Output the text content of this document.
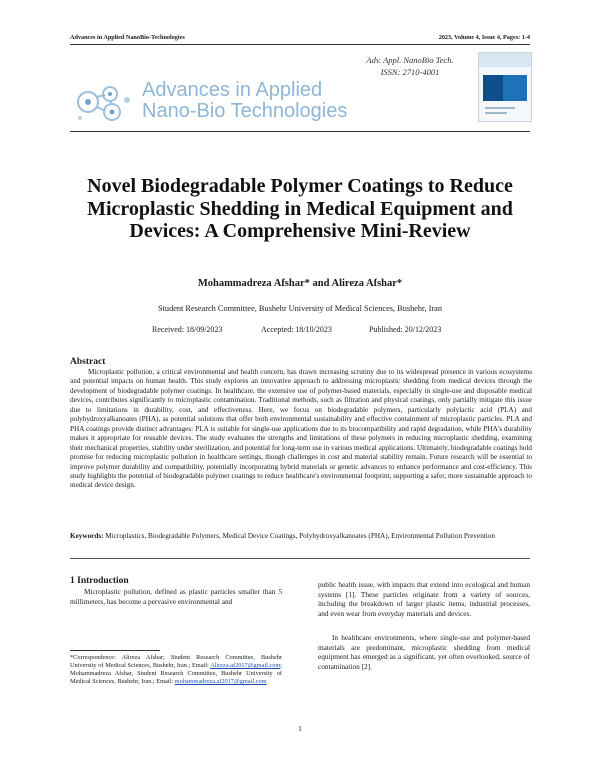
Advances in Applied NanoBio-Technologies	2023, Volume 4, Issue 4, Pages: 1-4
Adv. Appl. NanoBio Tech.
ISSN: 2710-4001
Advances in Applied
Nano-Bio Technologies
Novel Biodegradable Polymer Coatings to Reduce Microplastic Shedding in Medical Equipment and Devices: A Comprehensive Mini-Review
Mohammadreza Afshar* and Alireza Afshar*
Student Research Committee, Bushehr University of Medical Sciences, Bushehr, Iran
Received: 18/09/2023	Accepted: 18/10/2023	Published: 20/12/2023
Abstract
Microplastic pollution, a critical environmental and health concern, has drawn increasing scrutiny due to its widespread presence in various ecosystems and potential impacts on human health. This study explores an innovative approach to addressing microplastic shedding from medical devices through the development of biodegradable polymer coatings. In healthcare, the extensive use of polymer-based materials, especially in single-use and disposable medical devices, contributes significantly to microplastic contamination. Traditional methods, such as filtration and physical coatings, only partially mitigate this issue due to limitations in durability, cost, and effectiveness. Here, we focus on biodegradable polymers, particularly polylactic acid (PLA) and polyhydroxyalkanoates (PHA), as potential solutions that offer both environmental sustainability and effective containment of microplastic particles. PLA and PHA coatings provide distinct advantages: PLA is suitable for single-use applications due to its biocompatibility and rapid degradation, while PHA's durability makes it appropriate for reusable devices. The study evaluates the strengths and limitations of these polymers in reducing microplastic shedding, examining their mechanical properties, stability under sterilization, and potential for long-term use in various medical applications. Ultimately, biodegradable coatings hold promise for reducing microplastic pollution in healthcare settings, though challenges in cost and material stability remain. Future research will be essential to improve polymer durability and compatibility, potentially incorporating hybrid materials or genetic advances to enhance performance and cost-efficiency. This study highlights the potential of biodegradable polymer coatings to reduce healthcare's environmental footprint, supporting a safer, more sustainable approach to medical device design.
Keywords: Microplastics, Biodegradable Polymers, Medical Device Coatings, Polyhydroxyalkanoates (PHA), Environmental Pollution Prevention
1 Introduction
Microplastic pollution, defined as plastic particles smaller than 5 millimeters, has become a pervasive environmental and
public health issue, with impacts that extend into ecological and human systems [1]. These particles originate from a variety of sources, including the breakdown of larger plastic items, industrial processes, and even wear from everyday materials and devices.
In healthcare environments, where single-use and polymer-based materials are predominant, microplastic shedding from medical equipment has emerged as a significant, yet often overlooked, source of contamination [2].
*Correspondence: Alireza Afshar; Student Research Committee, Bushehr University of Medical Sciences, Bushehr, Iran.; Email: Alireza.af2017@gmail.com; Mohammadreza Afshar, Student Research Committee, Bushehr University of Medical Sciences, Bushehr, Iran.; Email: mohammadreza.af2017@gmail.com
1
